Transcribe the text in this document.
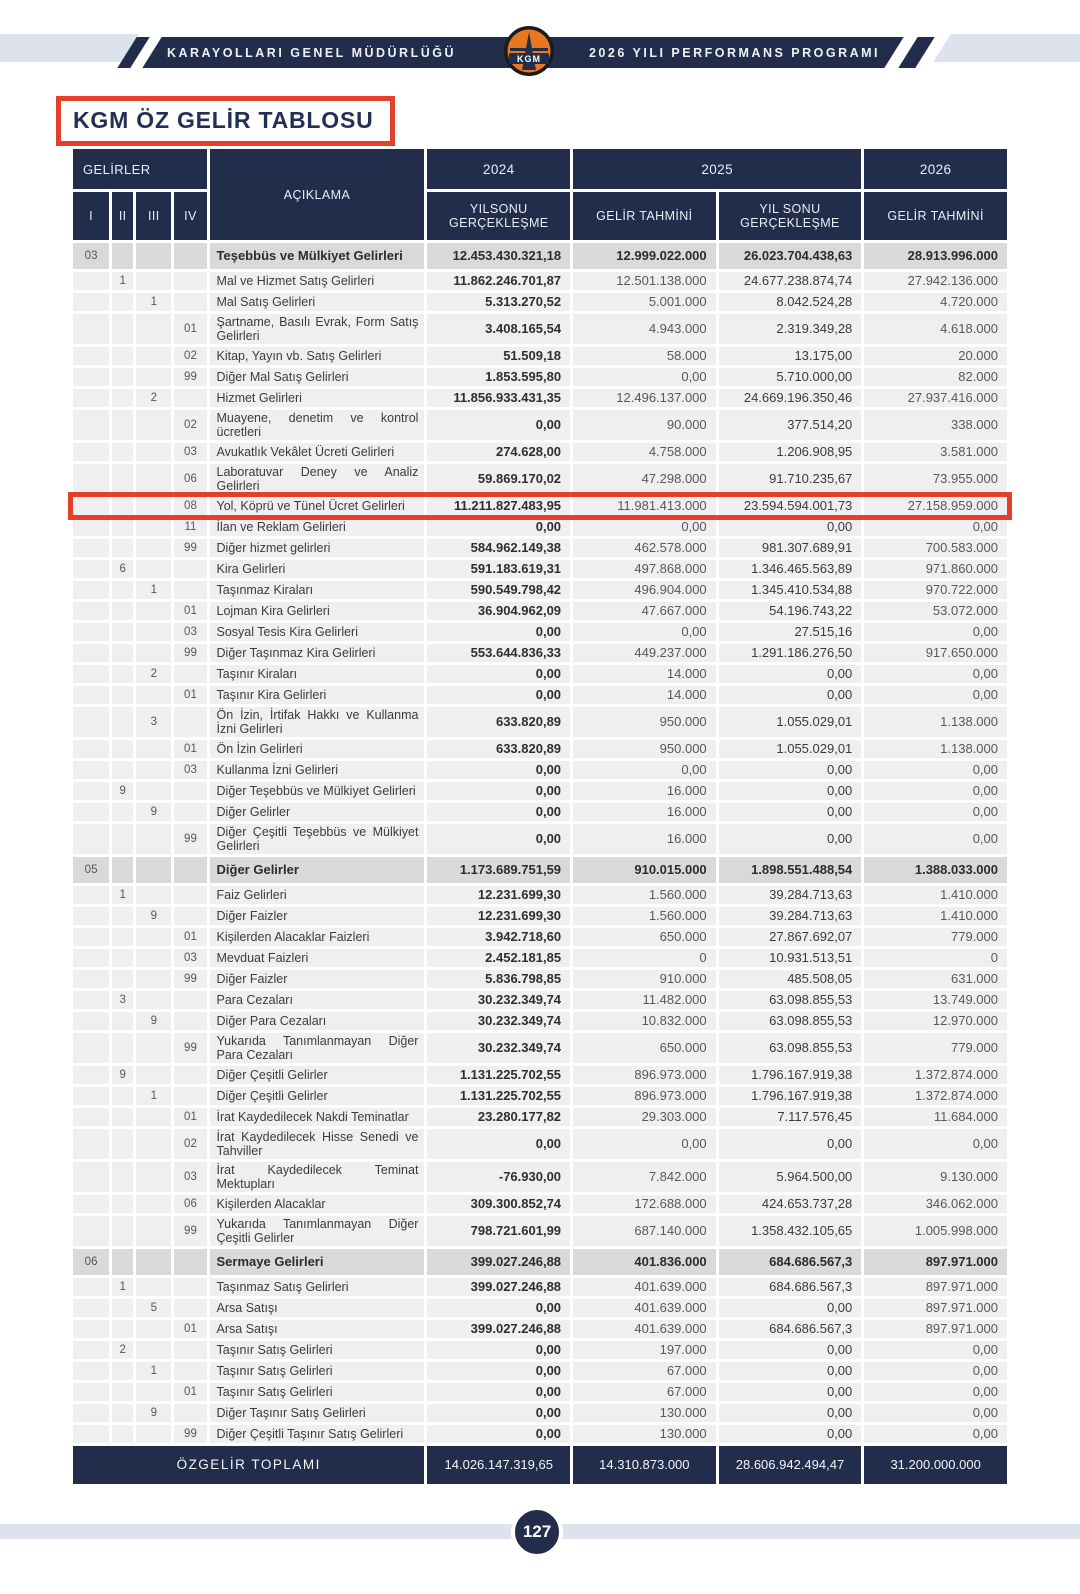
KARAYOLLARI GENEL MÜDÜRLÜĞÜ	2026 YILI PERFORMANS PROGRAMI
KGM
KGM ÖZ GELİR TABLOSU
GELİRLER				AÇIKLAMA	2024	2025		2026
I	II	III	IV		YILSONU GERÇEKLEŞME	GELİR TAHMİNİ	YIL SONU GERÇEKLEŞME	GELİR TAHMİNİ
03				Teşebbüs ve Mülkiyet Gelirleri	12.453.430.321,18	12.999.022.000	26.023.704.438,63	28.913.996.000
	1			Mal ve Hizmet Satış Gelirleri	11.862.246.701,87	12.501.138.000	24.677.238.874,74	27.942.136.000
		1		Mal Satış Gelirleri	5.313.270,52	5.001.000	8.042.524,28	4.720.000
			01	Şartname, Basılı Evrak, Form Satış Gelirleri	3.408.165,54	4.943.000	2.319.349,28	4.618.000
			02	Kitap, Yayın vb. Satış Gelirleri	51.509,18	58.000	13.175,00	20.000
			99	Diğer Mal Satış Gelirleri	1.853.595,80	0,00	5.710.000,00	82.000
		2		Hizmet Gelirleri	11.856.933.431,35	12.496.137.000	24.669.196.350,46	27.937.416.000
			02	Muayene, denetim ve kontrol ücretleri	0,00	90.000	377.514,20	338.000
			03	Avukatlık Vekâlet Ücreti Gelirleri	274.628,00	4.758.000	1.206.908,95	3.581.000
			06	Laboratuvar Deney ve Analiz Gelirleri	59.869.170,02	47.298.000	91.710.235,67	73.955.000
			08	Yol, Köprü ve Tünel Ücret Gelirleri	11.211.827.483,95	11.981.413.000	23.594.594.001,73	27.158.959.000
			11	İlan ve Reklam Gelirleri	0,00	0,00	0,00	0,00
			99	Diğer hizmet gelirleri	584.962.149,38	462.578.000	981.307.689,91	700.583.000
	6			Kira Gelirleri	591.183.619,31	497.868.000	1.346.465.563,89	971.860.000
		1		Taşınmaz Kiraları	590.549.798,42	496.904.000	1.345.410.534,88	970.722.000
			01	Lojman Kira Gelirleri	36.904.962,09	47.667.000	54.196.743,22	53.072.000
			03	Sosyal Tesis Kira Gelirleri	0,00	0,00	27.515,16	0,00
			99	Diğer Taşınmaz Kira Gelirleri	553.644.836,33	449.237.000	1.291.186.276,50	917.650.000
		2		Taşınır Kiraları	0,00	14.000	0,00	0,00
			01	Taşınır Kira Gelirleri	0,00	14.000	0,00	0,00
		3		Ön İzin, İrtifak Hakkı ve Kullanma İzni Gelirleri	633.820,89	950.000	1.055.029,01	1.138.000
			01	Ön İzin Gelirleri	633.820,89	950.000	1.055.029,01	1.138.000
			03	Kullanma İzni Gelirleri	0,00	0,00	0,00	0,00
	9			Diğer Teşebbüs ve Mülkiyet Gelirleri	0,00	16.000	0,00	0,00
		9		Diğer Gelirler	0,00	16.000	0,00	0,00
			99	Diğer Çeşitli Teşebbüs ve Mülkiyet Gelirleri	0,00	16.000	0,00	0,00
05				Diğer Gelirler	1.173.689.751,59	910.015.000	1.898.551.488,54	1.388.033.000
	1			Faiz Gelirleri	12.231.699,30	1.560.000	39.284.713,63	1.410.000
		9		Diğer Faizler	12.231.699,30	1.560.000	39.284.713,63	1.410.000
			01	Kişilerden Alacaklar Faizleri	3.942.718,60	650.000	27.867.692,07	779.000
			03	Mevduat Faizleri	2.452.181,85	0	10.931.513,51	0
			99	Diğer Faizler	5.836.798,85	910.000	485.508,05	631.000
	3			Para Cezaları	30.232.349,74	11.482.000	63.098.855,53	13.749.000
		9		Diğer Para Cezaları	30.232.349,74	10.832.000	63.098.855,53	12.970.000
			99	Yukarıda Tanımlanmayan Diğer Para Cezaları	30.232.349,74	650.000	63.098.855,53	779.000
	9			Diğer Çeşitli Gelirler	1.131.225.702,55	896.973.000	1.796.167.919,38	1.372.874.000
		1		Diğer Çeşitli Gelirler	1.131.225.702,55	896.973.000	1.796.167.919,38	1.372.874.000
			01	İrat Kaydedilecek Nakdi Teminatlar	23.280.177,82	29.303.000	7.117.576,45	11.684.000
			02	İrat Kaydedilecek Hisse Senedi ve Tahviller	0,00	0,00	0,00	0,00
			03	İrat Kaydedilecek Teminat Mektupları	-76.930,00	7.842.000	5.964.500,00	9.130.000
			06	Kişilerden Alacaklar	309.300.852,74	172.688.000	424.653.737,28	346.062.000
			99	Yukarıda Tanımlanmayan Diğer Çeşitli Gelirler	798.721.601,99	687.140.000	1.358.432.105,65	1.005.998.000
06				Sermaye Gelirleri	399.027.246,88	401.836.000	684.686.567,3	897.971.000
	1			Taşınmaz Satış Gelirleri	399.027.246,88	401.639.000	684.686.567,3	897.971.000
		5		Arsa Satışı	0,00	401.639.000	0,00	897.971.000
			01	Arsa Satışı	399.027.246,88	401.639.000	684.686.567,3	897.971.000
	2			Taşınır Satış Gelirleri	0,00	197.000	0,00	0,00
		1		Taşınır Satış Gelirleri	0,00	67.000	0,00	0,00
			01	Taşınır Satış Gelirleri	0,00	67.000	0,00	0,00
		9		Diğer Taşınır Satış Gelirleri	0,00	130.000	0,00	0,00
			99	Diğer Çeşitli Taşınır Satış Gelirleri	0,00	130.000	0,00	0,00
ÖZGELİR TOPLAMI					14.026.147.319,65	14.310.873.000	28.606.942.494,47	31.200.000.000
127
